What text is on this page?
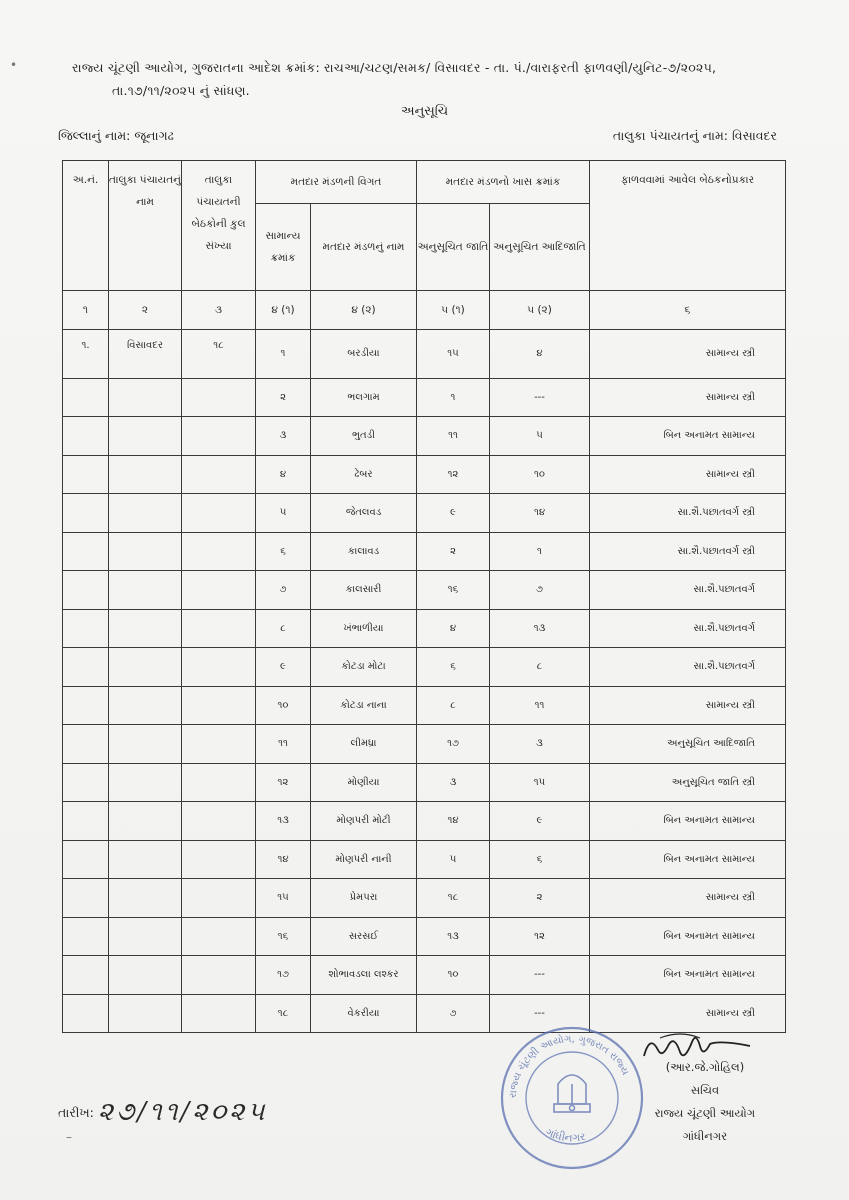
•	રાજ્ય ચૂંટણી આયોગ, ગુજરાતના આદેશ ક્રમાંક: રાચઆ/ચટણ/સમક/ વિસાવદર - તા. પં./વારાફરતી ફાળવણી/યુનિટ-૭/૨૦૨૫,
તા.૧૭/૧૧/૨૦૨૫ નું સાંધણ.
અનુસૂચિ
જિલ્લાનું નામ: જૂનાગઢ	તાલુકા પંચાયતનું નામ: વિસાવદર
અ.નં.	તાલુકા પંચાયતનું નામ	તાલુકા પંચાયતની બેઠકોની કુલ સંખ્યા	મતદાર મંડળની વિગત		મતદાર મંડળનો ખાસ ક્રમાંક		ફાળવવામાં આવેલ બેઠકનોપ્રકાર
			સામાન્ય ક્રમાંક	મતદાર મંડળનું નામ	અનુસૂચિત જાતિ	અનુસૂચિત આદિજાતિ	
૧	૨	૩	૪ (૧)	૪ (૨)	૫ (૧)	૫ (૨)	૬
૧.	વિસાવદર	૧૮	૧	બરડીયા	૧૫	૪	સામાન્ય સ્ત્રી
			૨	ભલગામ	૧	---	સામાન્ય સ્ત્રી
			૩	ભુતડી	૧૧	૫	બિન અનામત સામાન્ય
			૪	ઢેબર	૧૨	૧૦	સામાન્ય સ્ત્રી
			૫	જેતલવડ	૯	૧૪	સા.શૈ.પછાતવર્ગ સ્ત્રી
			૬	કાલાવડ	૨	૧	સા.શૈ.પછાતવર્ગ સ્ત્રી
			૭	કાલસારી	૧૬	૭	સા.શૈ.પછાતવર્ગ
			૮	ખંભાળીયા	૪	૧૩	સા.શૈ.પછાતવર્ગ
			૯	કોટડા મોટા	૬	૮	સા.શૈ.પછાતવર્ગ
			૧૦	કોટડા નાના	૮	૧૧	સામાન્ય સ્ત્રી
			૧૧	લીમધ્રા	૧૭	૩	અનુસૂચિત આદિજાતિ
			૧૨	મોણીયા	૩	૧૫	અનુસૂચિત જાતિ સ્ત્રી
			૧૩	મોણપરી મોટી	૧૪	૯	બિન અનામત સામાન્ય
			૧૪	મોણપરી નાની	૫	૬	બિન અનામત સામાન્ય
			૧૫	પ્રેમપરા	૧૮	૨	સામાન્ય સ્ત્રી
			૧૬	સરસઈ	૧૩	૧૨	બિન અનામત સામાન્ય
			૧૭	શોભાવડલા લશ્કર	૧૦	---	બિન અનામત સામાન્ય
			૧૮	વેકરીયા	૭	---	સામાન્ય સ્ત્રી
રાજ્ય ચૂંટણી આયોગ, ગુજરાત રાજ્ય
ગાંધીનગર
(આર.જે.ગોહિલ)
સચિવ
રાજ્ય ચૂંટણી આયોગ
ગાંધીનગર
તારીખ: ૨૭/૧૧/૨૦૨૫
–
